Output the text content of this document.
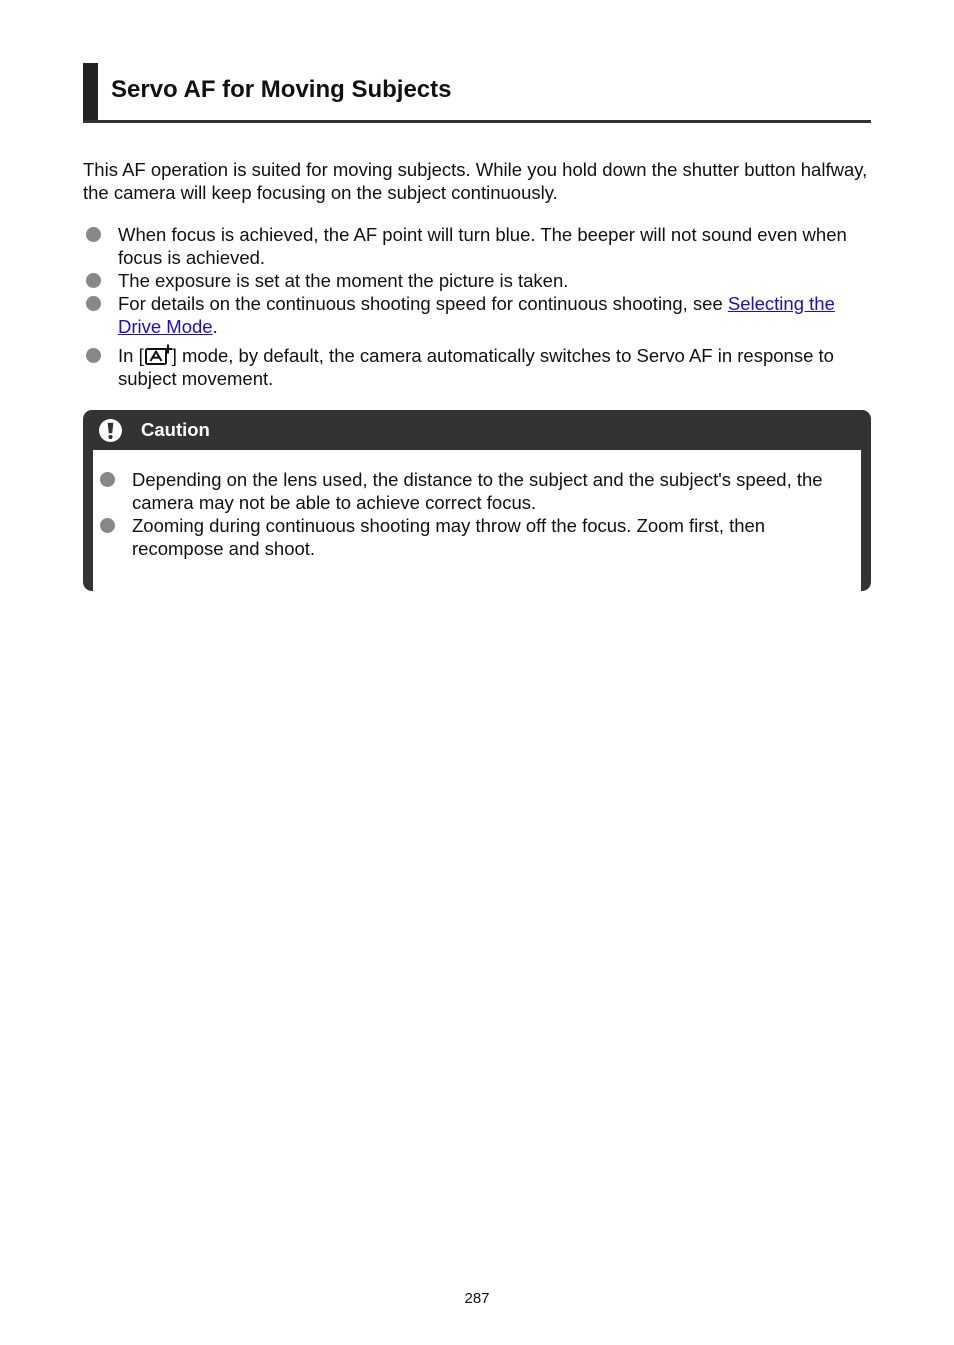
Servo AF for Moving Subjects

This AF operation is suited for moving subjects. While you hold down the shutter button halfway, the camera will keep focusing on the subject continuously.

When focus is achieved, the AF point will turn blue. The beeper will not sound even when focus is achieved.
The exposure is set at the moment the picture is taken.
For details on the continuous shooting speed for continuous shooting, see Selecting the Drive Mode.
In [ ] mode, by default, the camera automatically switches to Servo AF in response to subject movement.
Caution
Depending on the lens used, the distance to the subject and the subject's speed, the camera may not be able to achieve correct focus.
Zooming during continuous shooting may throw off the focus. Zoom first, then recompose and shoot.
287
